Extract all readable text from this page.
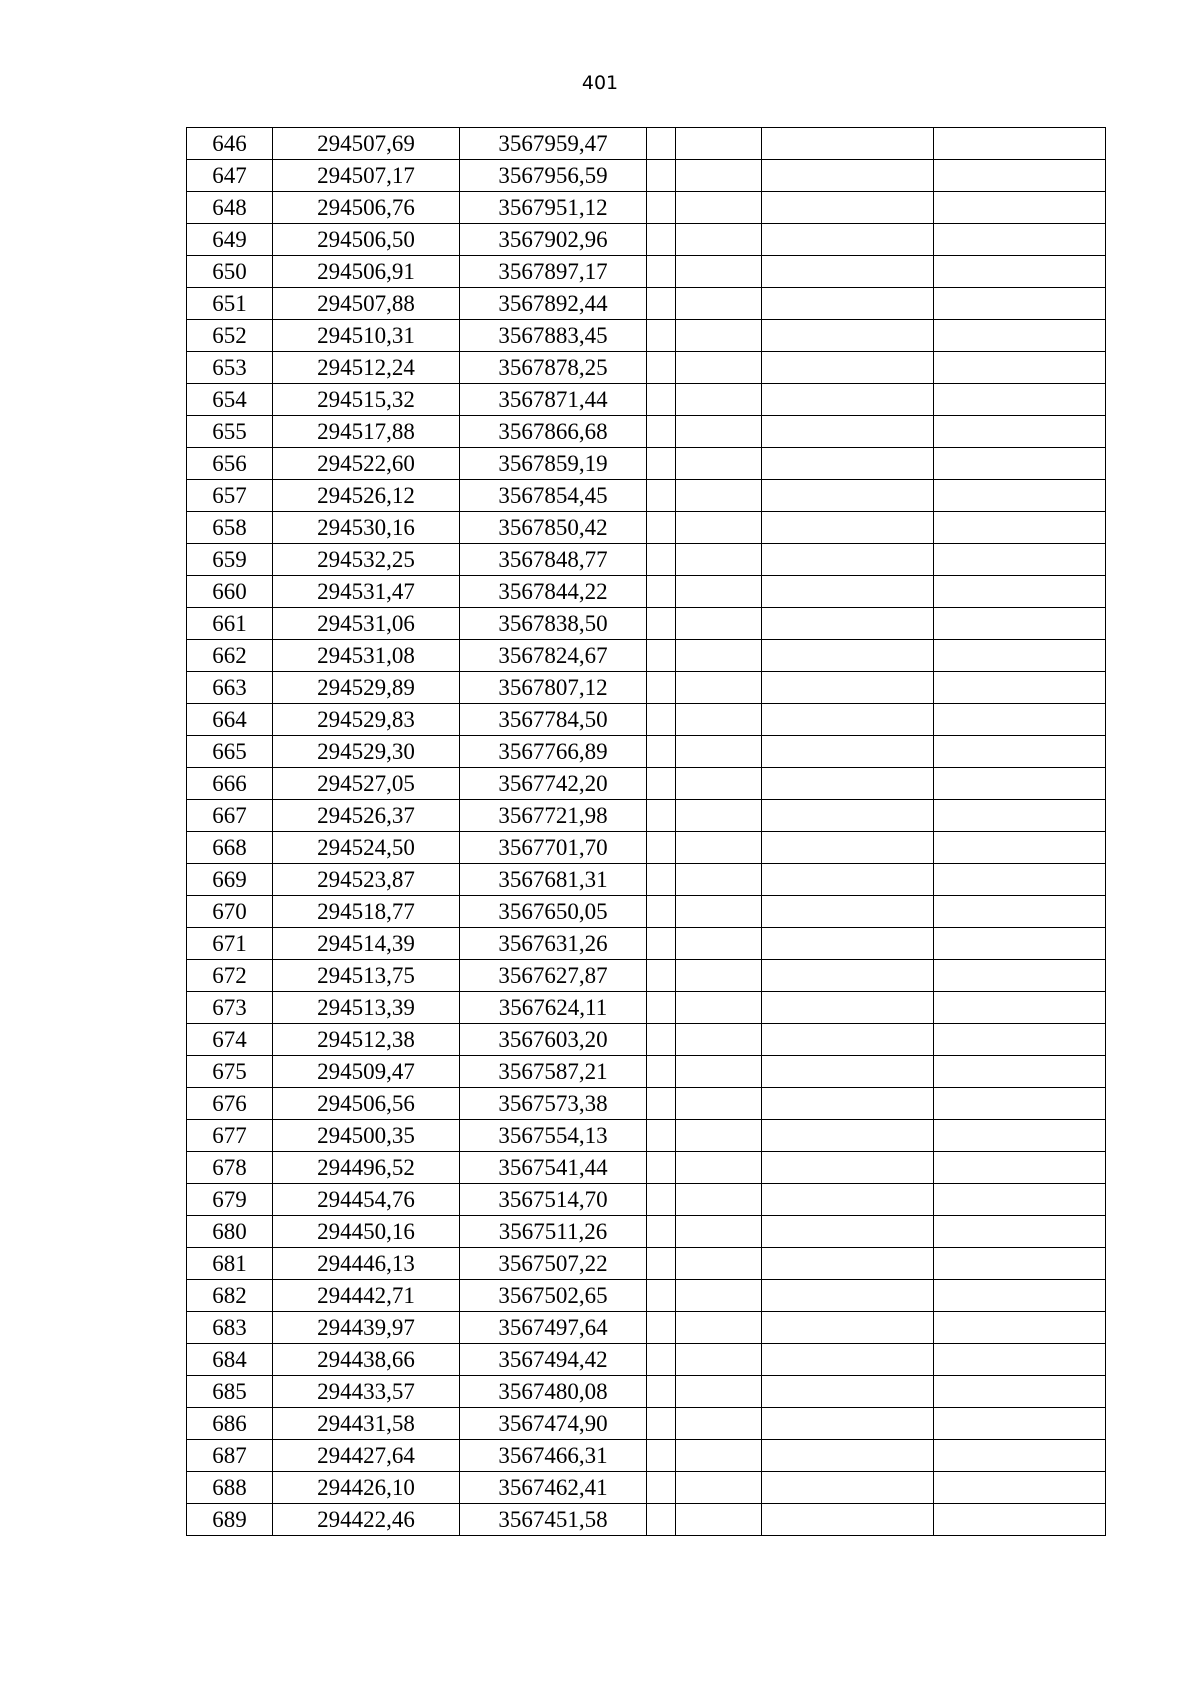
401
646	294507,69	3567959,47				
647	294507,17	3567956,59				
648	294506,76	3567951,12				
649	294506,50	3567902,96				
650	294506,91	3567897,17				
651	294507,88	3567892,44				
652	294510,31	3567883,45				
653	294512,24	3567878,25				
654	294515,32	3567871,44				
655	294517,88	3567866,68				
656	294522,60	3567859,19				
657	294526,12	3567854,45				
658	294530,16	3567850,42				
659	294532,25	3567848,77				
660	294531,47	3567844,22				
661	294531,06	3567838,50				
662	294531,08	3567824,67				
663	294529,89	3567807,12				
664	294529,83	3567784,50				
665	294529,30	3567766,89				
666	294527,05	3567742,20				
667	294526,37	3567721,98				
668	294524,50	3567701,70				
669	294523,87	3567681,31				
670	294518,77	3567650,05				
671	294514,39	3567631,26				
672	294513,75	3567627,87				
673	294513,39	3567624,11				
674	294512,38	3567603,20				
675	294509,47	3567587,21				
676	294506,56	3567573,38				
677	294500,35	3567554,13				
678	294496,52	3567541,44				
679	294454,76	3567514,70				
680	294450,16	3567511,26				
681	294446,13	3567507,22				
682	294442,71	3567502,65				
683	294439,97	3567497,64				
684	294438,66	3567494,42				
685	294433,57	3567480,08				
686	294431,58	3567474,90				
687	294427,64	3567466,31				
688	294426,10	3567462,41				
689	294422,46	3567451,58				
